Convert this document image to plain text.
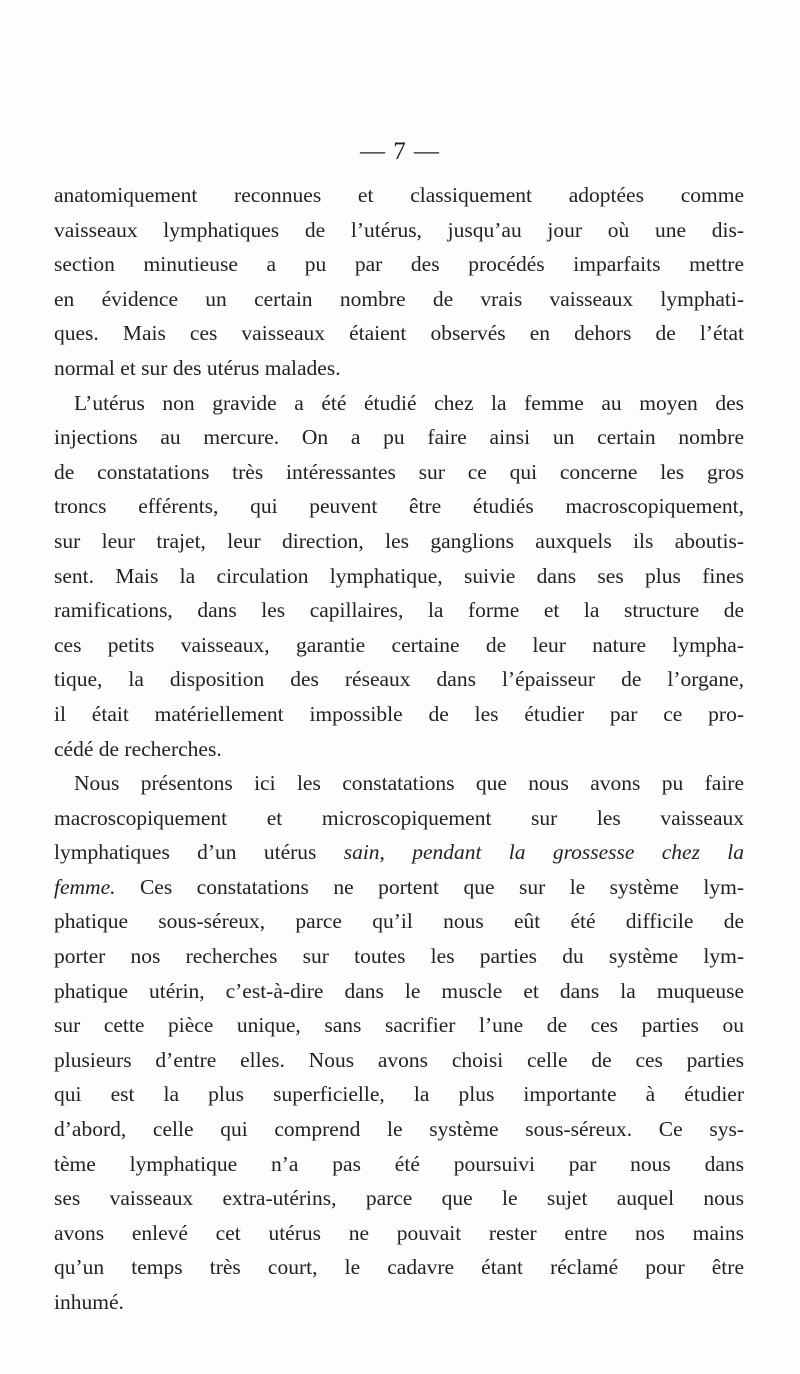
— 7 —
anatomiquement reconnues et classiquement adoptées comme
vaisseaux lymphatiques de l’utérus, jusqu’au jour où une dis-
section minutieuse a pu par des procédés imparfaits mettre
en évidence un certain nombre de vrais vaisseaux lymphati-
ques. Mais ces vaisseaux étaient observés en dehors de l’état
normal et sur des utérus malades.
L’utérus non gravide a été étudié chez la femme au moyen des
injections au mercure. On a pu faire ainsi un certain nombre
de constatations très intéressantes sur ce qui concerne les gros
troncs efférents, qui peuvent être étudiés macroscopiquement,
sur leur trajet, leur direction, les ganglions auxquels ils aboutis-
sent. Mais la circulation lymphatique, suivie dans ses plus fines
ramifications, dans les capillaires, la forme et la structure de
ces petits vaisseaux, garantie certaine de leur nature lympha-
tique, la disposition des réseaux dans l’épaisseur de l’organe,
il était matériellement impossible de les étudier par ce pro-
cédé de recherches.
Nous présentons ici les constatations que nous avons pu faire
macroscopiquement et microscopiquement sur les vaisseaux
lymphatiques d’un utérus sain, pendant la grossesse chez la
femme. Ces constatations ne portent que sur le système lym-
phatique sous-séreux, parce qu’il nous eût été difficile de
porter nos recherches sur toutes les parties du système lym-
phatique utérin, c’est-à-dire dans le muscle et dans la muqueuse
sur cette pièce unique, sans sacrifier l’une de ces parties ou
plusieurs d’entre elles. Nous avons choisi celle de ces parties
qui est la plus superficielle, la plus importante à étudier
d’abord, celle qui comprend le système sous-séreux. Ce sys-
tème lymphatique n’a pas été poursuivi par nous dans
ses vaisseaux extra-utérins, parce que le sujet auquel nous
avons enlevé cet utérus ne pouvait rester entre nos mains
qu’un temps très court, le cadavre étant réclamé pour être
inhumé.
